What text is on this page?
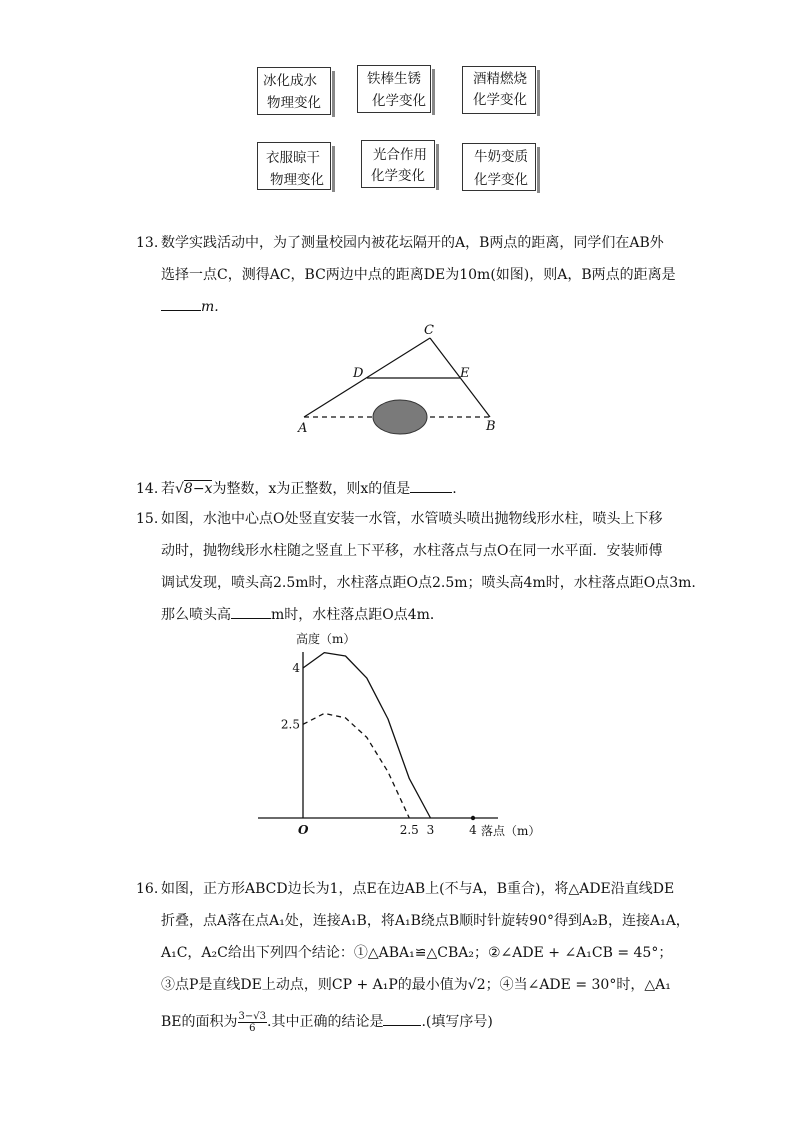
冰化成水
物理变化
铁棒生锈
化学变化
酒精燃烧
化学变化
衣服晾干
物理变化
光合作用
化学变化
牛奶变质
化学变化
13. 数学实践活动中，为了测量校园内被花坛隔开的A，B两点的距离，同学们在AB外
选择一点C，测得AC，BC两边中点的距离DE为10m(如图)，则A，B两点的距离是
m.
C
D	E
A	B
14. 若√8−x为整数，x为正整数，则x的值是	.
15. 如图，水池中心点O处竖直安装一水管，水管喷头喷出抛物线形水柱，喷头上下移
动时，抛物线形水柱随之竖直上下平移，水柱落点与点O在同一水平面．安装师傅
调试发现，喷头高2.5m时，水柱落点距O点2.5m；喷头高4m时，水柱落点距O点3m.
那么喷头高	m时，水柱落点距O点4m．
高度（m）
落点（m）
O
4
2.5
2.5 3	4
16. 如图，正方形ABCD边长为1，点E在边AB上(不与A，B重合)，将△ADE沿直线DE
折叠，点A落在点A₁处，连接A₁B，将A₁B绕点B顺时针旋转90°得到A₂B，连接A₁A，
A₁C，A₂C给出下列四个结论：①△ABA₁≌△CBA₂；②∠ADE + ∠A₁CB = 45°；
③点P是直线DE上动点，则CP + A₁P的最小值为√2；④当∠ADE = 30°时，△A₁
BE的面积为 $\frac{3-√3}{6}$ .其中正确的结论是	.(填写序号)
